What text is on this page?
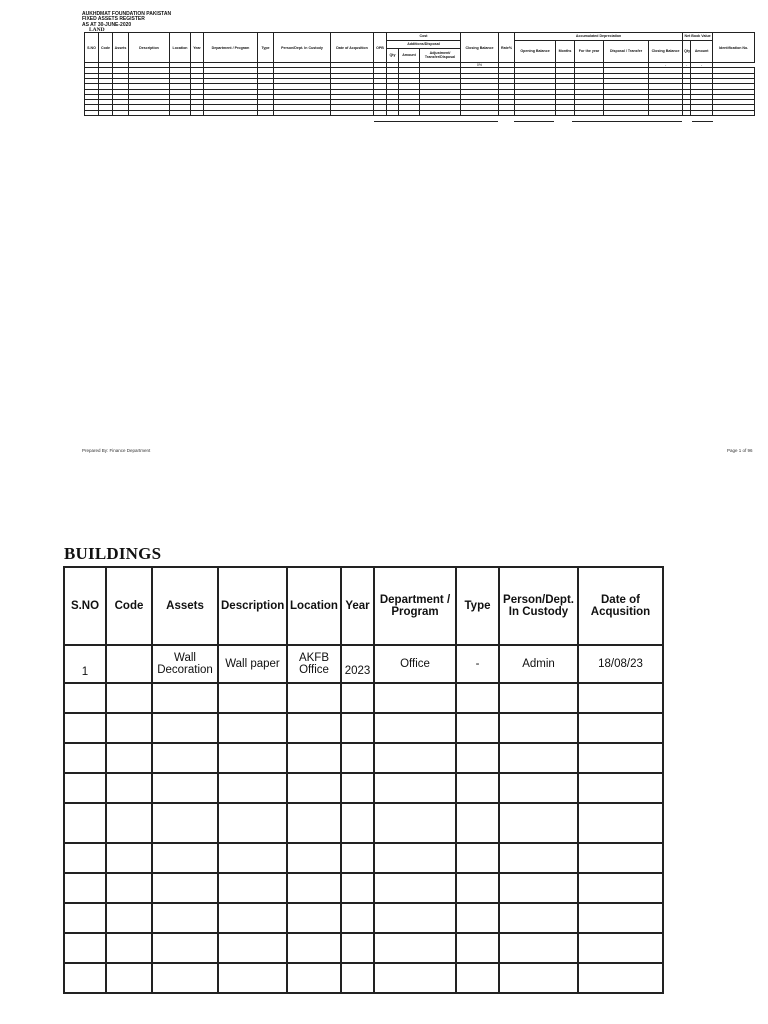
AUKHDMAT FOUNDATION PAKISTAN
FIXED ASSETS REGISTER
AS AT 30-JUNE-2020
LAND
S.NO	Code	Assets	Description	Location	Year	Department / Program	Type	Person/Dept. In Custody	Date of Acqusition	OPB	Cost			Closing Balance	Rate%	Accumulated Depreciation					Net Book Value		Identification No.
											Additions/Disposal					Opening Balance	Months	For the year	Disposal / Transfer	Closing Balance	Qty	Amount	
											Qty	Amount	Adjustment/ Transfer/Disposal										
														0%						-	-	-	

Prepared By: Finance Department	Page 1 of 96
BUILDINGS
S.NO	Code	Assets	Description	Location	Year	Department / Program	Type	Person/Dept. In Custody	Date of Acqusition

1		Wall Decoration	Wall paper	AKFB Office	2023	Office	-	Admin	18/08/23
